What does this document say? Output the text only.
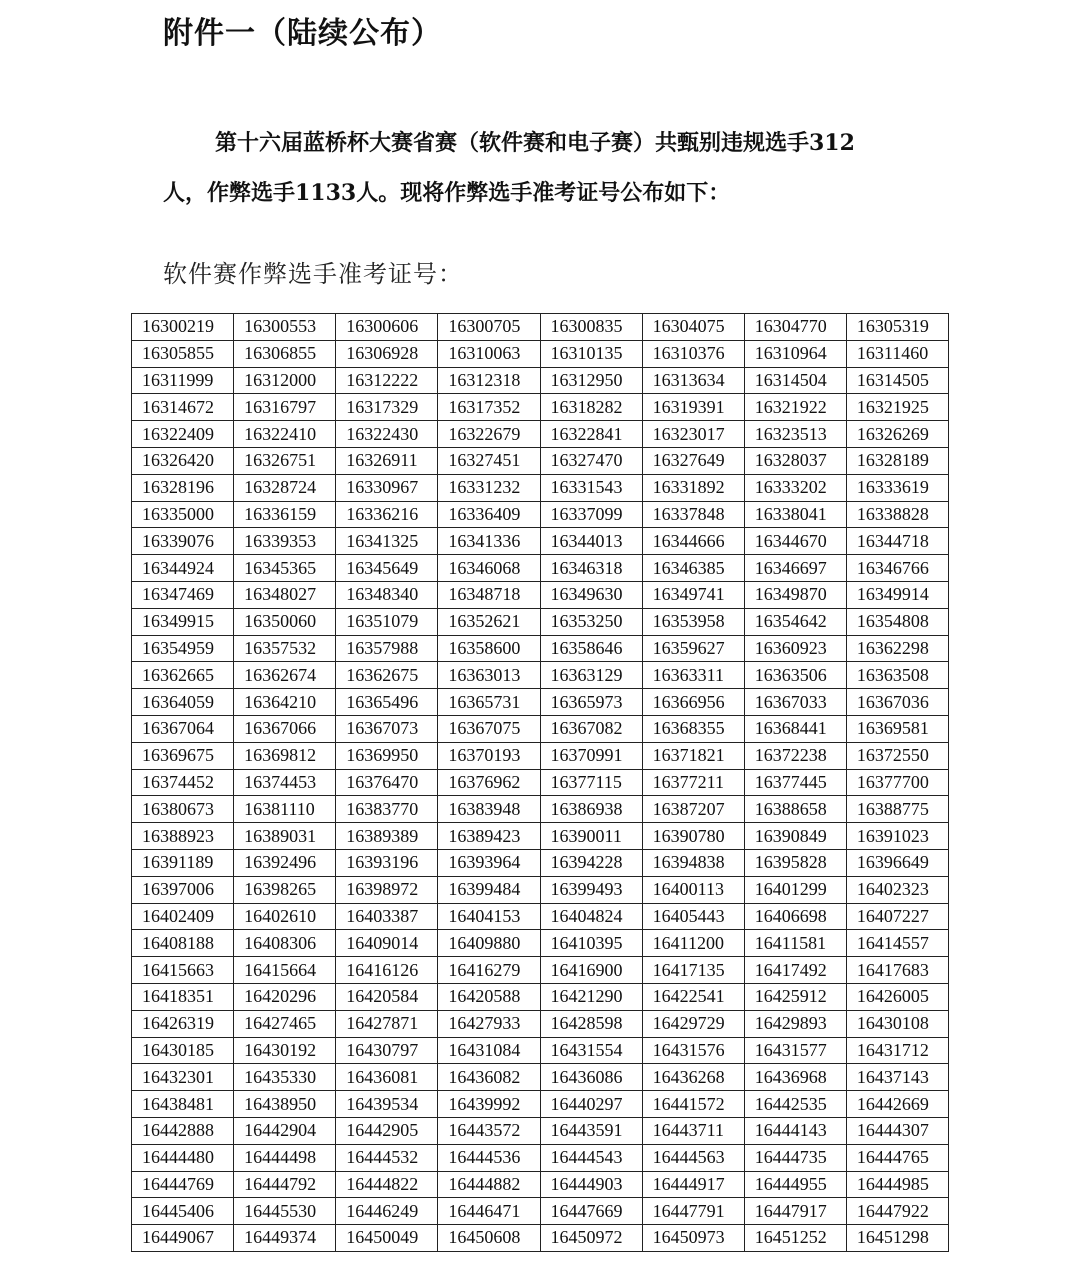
附件一（陆续公布）
第十六届蓝桥杯大赛省赛（软件赛和电子赛）共甄别违规选手312
人，作弊选手1133人。现将作弊选手准考证号公布如下：
软件赛作弊选手准考证号：
16300219	16300553	16300606	16300705	16300835	16304075	16304770	16305319
16305855	16306855	16306928	16310063	16310135	16310376	16310964	16311460
16311999	16312000	16312222	16312318	16312950	16313634	16314504	16314505
16314672	16316797	16317329	16317352	16318282	16319391	16321922	16321925
16322409	16322410	16322430	16322679	16322841	16323017	16323513	16326269
16326420	16326751	16326911	16327451	16327470	16327649	16328037	16328189
16328196	16328724	16330967	16331232	16331543	16331892	16333202	16333619
16335000	16336159	16336216	16336409	16337099	16337848	16338041	16338828
16339076	16339353	16341325	16341336	16344013	16344666	16344670	16344718
16344924	16345365	16345649	16346068	16346318	16346385	16346697	16346766
16347469	16348027	16348340	16348718	16349630	16349741	16349870	16349914
16349915	16350060	16351079	16352621	16353250	16353958	16354642	16354808
16354959	16357532	16357988	16358600	16358646	16359627	16360923	16362298
16362665	16362674	16362675	16363013	16363129	16363311	16363506	16363508
16364059	16364210	16365496	16365731	16365973	16366956	16367033	16367036
16367064	16367066	16367073	16367075	16367082	16368355	16368441	16369581
16369675	16369812	16369950	16370193	16370991	16371821	16372238	16372550
16374452	16374453	16376470	16376962	16377115	16377211	16377445	16377700
16380673	16381110	16383770	16383948	16386938	16387207	16388658	16388775
16388923	16389031	16389389	16389423	16390011	16390780	16390849	16391023
16391189	16392496	16393196	16393964	16394228	16394838	16395828	16396649
16397006	16398265	16398972	16399484	16399493	16400113	16401299	16402323
16402409	16402610	16403387	16404153	16404824	16405443	16406698	16407227
16408188	16408306	16409014	16409880	16410395	16411200	16411581	16414557
16415663	16415664	16416126	16416279	16416900	16417135	16417492	16417683
16418351	16420296	16420584	16420588	16421290	16422541	16425912	16426005
16426319	16427465	16427871	16427933	16428598	16429729	16429893	16430108
16430185	16430192	16430797	16431084	16431554	16431576	16431577	16431712
16432301	16435330	16436081	16436082	16436086	16436268	16436968	16437143
16438481	16438950	16439534	16439992	16440297	16441572	16442535	16442669
16442888	16442904	16442905	16443572	16443591	16443711	16444143	16444307
16444480	16444498	16444532	16444536	16444543	16444563	16444735	16444765
16444769	16444792	16444822	16444882	16444903	16444917	16444955	16444985
16445406	16445530	16446249	16446471	16447669	16447791	16447917	16447922
16449067	16449374	16450049	16450608	16450972	16450973	16451252	16451298
